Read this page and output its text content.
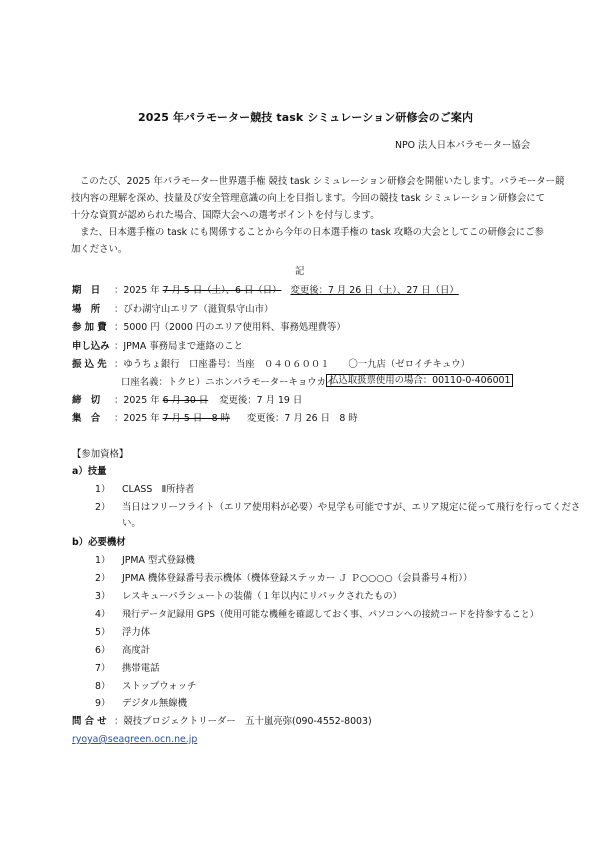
2025 年パラモーター競技 task シミュレーション研修会のご案内
NPO 法人日本パラモーター協会
このたび、2025 年パラモーター世界選手権 競技 task シミュレーション研修会を開催いたします。パラモーター競
技内容の理解を深め、技量及び安全管理意識の向上を目指します。今回の競技 task シミュレーション研修会にて
十分な資質が認められた場合、国際大会への選考ポイントを付与します。
また、日本選手権の task にも関係することから今年の日本選手権の task 攻略の大会としてこの研修会にご参
加ください。
記
期　日 ：2025 年 7 月 5 日（土）、6 日（日） 変更後：7 月 26 日（土）、27 日（日）
場　所 ：びわ湖守山エリア（滋賀県守山市）
参 加 費 ：5000 円（2000 円のエリア使用料、事務処理費等）
申し込み ：JPMA 事務局まで連絡のこと
振 込 先 ：ゆうちょ銀行　口座番号：当座　０４０６００１　　〇一九店（ゼロイチキュウ）
口座名義：トクヒ）ニホンパラモーターキョウカイ
払込取扱票使用の場合：00110-0-406001
締　切 ：2025 年 6 月 30 日 変更後：7 月 19 日
集　合 ：2025 年 7 月 5 日　8 時 変更後：7 月 26 日　8 時
【参加資格】
a）技量
1） CLASS　Ⅱ所持者
2） 当日はフリーフライト（エリア使用料が必要）や見学も可能ですが、エリア規定に従って飛行を行ってくださ
い。
b）必要機材
1） JPMA 型式登録機
2） JPMA 機体登録番号表示機体（機体登録ステッカー Ｊ Ｐ○○○○（会員番号４桁））
3） レスキューパラシュートの装備（１年以内にリパックされたもの）
4） 飛行データ記録用 GPS（使用可能な機種を確認しておく事、パソコンへの接続コードを持参すること）
5） 浮力体
6） 高度計
7） 携帯電話
8） ストップウォッチ
9） デジタル無線機
問 合 せ ：競技プロジェクトリーダー　五十嵐亮弥(090-4552-8003)
ryoya@seagreen.ocn.ne.jp
